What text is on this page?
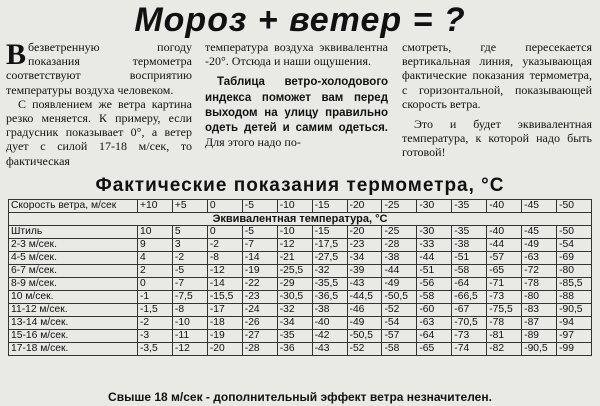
Мороз + ветер = ?

Вбезветренную погоду показания термометра соответствуют восприятию температуры воздуха человеком.

С появлением же ветра картина резко меняется. К примеру, если градусник показывает 0°, а ветер дует с силой 17-18 м/сек, то фактическая

температура воздуха эквивалентна -20°. Отсюда и наши ощушения.

Таблица ветро-холодового индекса поможет вам перед выходом на улицу правильно одеть детей и самим одеться. Для этого надо по-

смотреть, где пересекается вертикальная линия, указывающая фактические показания термометра, с горизонтальной, показывающей скорость ветра.

Это и будет эквивалентная температура, к которой надо быть готовой!

Фактические показания термометра, °С
Скорость ветра, м/сек	+10	+5	0	-5	-10	-15	-20	-25	-30	-35	-40	-45	-50
Эквивалентная температура, °С													
Штиль	10	5	0	-5	-10	-15	-20	-25	-30	-35	-40	-45	-50
2-3 м/сек.	9	3	-2	-7	-12	-17,5	-23	-28	-33	-38	-44	-49	-54
4-5 м/сек.	4	-2	-8	-14	-21	-27,5	-34	-38	-44	-51	-57	-63	-69
6-7 м/сек.	2	-5	-12	-19	-25,5	-32	-39	-44	-51	-58	-65	-72	-80
8-9 м/сек.	0	-7	-14	-22	-29	-35,5	-43	-49	-56	-64	-71	-78	-85,5
10 м/сек.	-1	-7,5	-15,5	-23	-30,5	-36,5	-44,5	-50,5	-58	-66,5	-73	-80	-88
11-12 м/сек.	-1,5	-8	-17	-24	-32	-38	-46	-52	-60	-67	-75,5	-83	-90,5
13-14 м/сек.	-2	-10	-18	-26	-34	-40	-49	-54	-63	-70,5	-78	-87	-94
15-16 м/сек.	-3	-11	-19	-27	-35	-42	-50,5	-57	-64	-73	-81	-89	-97
17-18 м/сек.	-3,5	-12	-20	-28	-36	-43	-52	-58	-65	-74	-82	-90,5	-99
Свыше 18 м/сек - дополнительный эффект ветра незначителен.
